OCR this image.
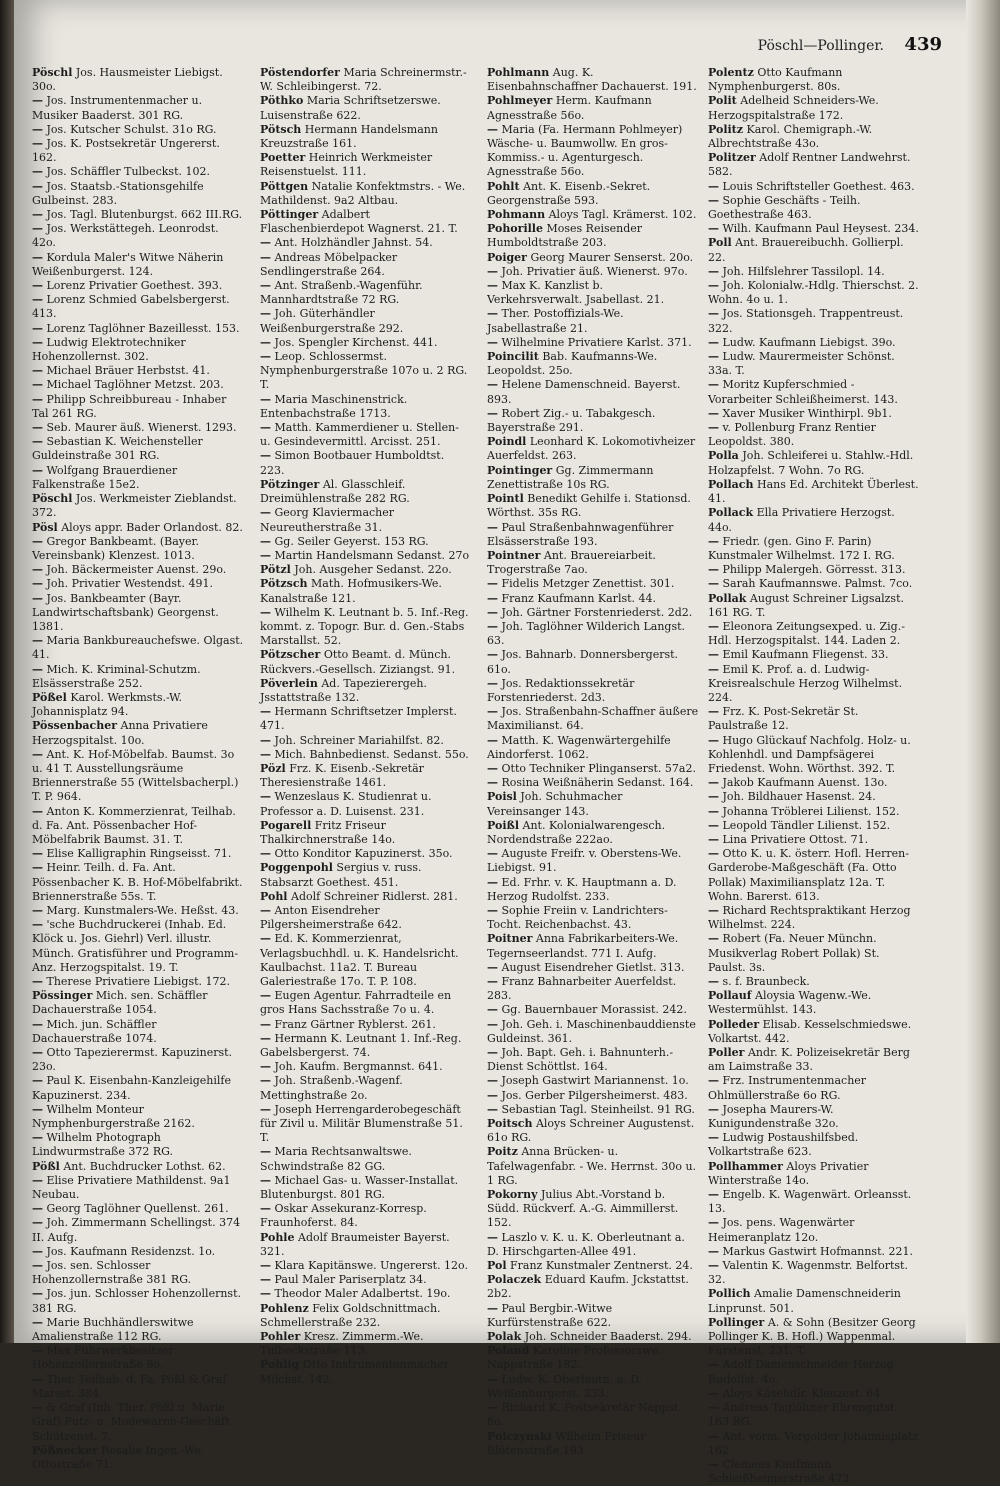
Pöschl—Pollinger. 439

Pöschl Jos. Hausmeister Liebigst. 30o.

— Jos. Instrumentenmacher u. Musiker Baaderst. 301 RG.

— Jos. Kutscher Schulst. 31o RG.

— Jos. K. Postsekretär Ungererst. 162.

— Jos. Schäffler Tulbeckst. 102.

— Jos. Staatsb.-Stationsgehilfe Gulbeinst. 283.

— Jos. Tagl. Blutenburgst. 662 III.RG.

— Jos. Werkstättegeh. Leonrodst. 42o.

— Kordula Maler's Witwe Näherin Weißenburgerst. 124.

— Lorenz Privatier Goethest. 393.

— Lorenz Schmied Gabelsbergerst. 413.

— Lorenz Taglöhner Bazeillesst. 153.

— Ludwig Elektrotechniker Hohenzollernst. 302.

— Michael Bräuer Herbstst. 41.

— Michael Taglöhner Metzst. 203.

— Philipp Schreibbureau - Inhaber Tal 261 RG.

— Seb. Maurer äuß. Wienerst. 1293.

— Sebastian K. Weichensteller Guldeinstraße 301 RG.

— Wolfgang Brauerdiener Falkenstraße 15e2.

Pöschl Jos. Werkmeister Zieblandst. 372.

Pösl Aloys appr. Bader Orlandost. 82.

— Gregor Bankbeamt. (Bayer. Vereinsbank) Klenzest. 1013.

— Joh. Bäckermeister Auenst. 29o.

— Joh. Privatier Westendst. 491.

— Jos. Bankbeamter (Bayr. Landwirtschaftsbank) Georgenst. 1381.

— Maria Bankbureauchefswe. Olgast. 41.

— Mich. K. Kriminal-Schutzm. Elsässerstraße 252.

Pößel Karol. Werkmsts.-W. Johannisplatz 94.

Pössenbacher Anna Privatiere Herzogspitalst. 10o.

— Ant. K. Hof-Möbelfab. Baumst. 3o u. 41 T. Ausstellungsräume Briennerstraße 55 (Wittelsbacherpl.) T. P. 964.

— Anton K. Kommerzienrat, Teilhab. d. Fa. Ant. Pössenbacher Hof-Möbelfabrik Baumst. 31. T.

— Elise Kalligraphin Ringseisst. 71.

— Heinr. Teilh. d. Fa. Ant. Pössenbacher K. B. Hof-Möbelfabrikt. Briennerstraße 55s. T.

— Marg. Kunstmalers-We. Heßst. 43.

— 'sche Buchdruckerei (Inhab. Ed. Klöck u. Jos. Giehrl) Verl. illustr. Münch. Gratisführer und Programm-Anz. Herzogspitalst. 19. T.

— Therese Privatiere Liebigst. 172.

Pössinger Mich. sen. Schäffler Dachauerstraße 1054.

— Mich. jun. Schäffler Dachauerstraße 1074.

— Otto Tapezierermst. Kapuzinerst. 23o.

— Paul K. Eisenbahn-Kanzleigehilfe Kapuzinerst. 234.

— Wilhelm Monteur Nymphenburgerstraße 2162.

— Wilhelm Photograph Lindwurmstraße 372 RG.

Pößl Ant. Buchdrucker Lothst. 62.

— Elise Privatiere Mathildenst. 9a1 Neubau.

— Georg Taglöhner Quellenst. 261.

— Joh. Zimmermann Schellingst. 374 II. Aufg.

— Jos. Kaufmann Residenzst. 1o.

— Jos. sen. Schlosser Hohenzollernstraße 381 RG.

— Jos. jun. Schlosser Hohenzollernst. 381 RG.

— Marie Buchhändlerswitwe Amalienstraße 112 RG.

— Max Fuhrwerkbesitzer Hohenzollernstraße 9o.

— Ther. Teilhab. d. Fa. Pößl & Graf Marsst. 384.

— & Graf (Inh. Ther. Pößl u. Marie Graf) Putz- u. Modewaren-Geschäft Schützenst. 7.

Pößnecker Rosalie Ingen.-We. Ottostraße 71.

Pöstendorfer Maria Schreinermstr.-W. Schleibingerst. 72.

Pöthko Maria Schriftsetzerswe. Luisenstraße 622.

Pötsch Hermann Handelsmann Kreuzstraße 161.

Poetter Heinrich Werkmeister Reisenstuelst. 111.

Pöttgen Natalie Konfektmstrs. - We. Mathildenst. 9a2 Altbau.

Pöttinger Adalbert Flaschenbierdepot Wagnerst. 21. T.

— Ant. Holzhändler Jahnst. 54.

— Andreas Möbelpacker Sendlingerstraße 264.

— Ant. Straßenb.-Wagenführ. Mannhardtstraße 72 RG.

— Joh. Güterhändler Weißenburgerstraße 292.

— Jos. Spengler Kirchenst. 441.

— Leop. Schlossermst. Nymphenburgerstraße 107o u. 2 RG. T.

— Maria Maschinenstrick. Entenbachstraße 1713.

— Matth. Kammerdiener u. Stellen- u. Gesindevermittl. Arcisst. 251.

— Simon Bootbauer Humboldtst. 223.

Pötzinger Al. Glasschleif. Dreimühlenstraße 282 RG.

— Georg Klaviermacher Neureutherstraße 31.

— Gg. Seiler Geyerst. 153 RG.

— Martin Handelsmann Sedanst. 27o

Pötzl Joh. Ausgeher Sedanst. 22o.

Pötzsch Math. Hofmusikers-We. Kanalstraße 121.

— Wilhelm K. Leutnant b. 5. Inf.-Reg. kommt. z. Topogr. Bur. d. Gen.-Stabs Marstallst. 52.

Pötzscher Otto Beamt. d. Münch. Rückvers.-Gesellsch. Ziziangst. 91.

Pöverlein Ad. Tapezierergeh. Jsstattstraße 132.

— Hermann Schriftsetzer Implerst. 471.

— Joh. Schreiner Mariahilfst. 82.

— Mich. Bahnbedienst. Sedanst. 55o.

Pözl Frz. K. Eisenb.-Sekretär Theresienstraße 1461.

— Wenzeslaus K. Studienrat u. Professor a. D. Luisenst. 231.

Pogarell Fritz Friseur Thalkirchnerstraße 14o.

— Otto Konditor Kapuzinerst. 35o.

Poggenpohl Sergius v. russ. Stabsarzt Goethest. 451.

Pohl Adolf Schreiner Ridlerst. 281.

— Anton Eisendreher Pilgersheimerstraße 642.

— Ed. K. Kommerzienrat, Verlagsbuchhdl. u. K. Handelsricht. Kaulbachst. 11a2. T. Bureau Galeriestraße 17o. T. P. 108.

— Eugen Agentur. Fahrradteile en gros Hans Sachsstraße 7o u. 4.

— Franz Gärtner Ryblerst. 261.

— Hermann K. Leutnant 1. Inf.-Reg. Gabelsbergerst. 74.

— Joh. Kaufm. Bergmannst. 641.

— Joh. Straßenb.-Wagenf. Mettinghstraße 2o.

— Joseph Herrengarderobegeschäft für Zivil u. Militär Blumenstraße 51. T.

— Maria Rechtsanwaltswe. Schwindstraße 82 GG.

— Michael Gas- u. Wasser-Installat. Blutenburgst. 801 RG.

— Oskar Assekuranz-Korresp. Fraunhoferst. 84.

Pohle Adolf Braumeister Bayerst. 321.

— Klara Kapitänswe. Ungererst. 12o.

— Paul Maler Pariserplatz 34.

— Theodor Maler Adalbertst. 19o.

Pohlenz Felix Goldschnittmach. Schmellerstraße 232.

Pohler Kresz. Zimmerm.-We. Tulbeckstraße 113.

Pohlig Otto Instrumentenmacher Milchst. 142.

Pohlmann Aug. K. Eisenbahnschaffner Dachauerst. 191.

Pohlmeyer Herm. Kaufmann Agnesstraße 56o.

— Maria (Fa. Hermann Pohlmeyer) Wäsche- u. Baumwollw. En gros-Kommiss.- u. Agenturgesch. Agnesstraße 56o.

Pohlt Ant. K. Eisenb.-Sekret. Georgenstraße 593.

Pohmann Aloys Tagl. Krämerst. 102.

Pohorille Moses Reisender Humboldtstraße 203.

Poiger Georg Maurer Senserst. 20o.

— Joh. Privatier äuß. Wienerst. 97o.

— Max K. Kanzlist b. Verkehrsverwalt. Jsabellast. 21.

— Ther. Postoffizials-We. Jsabellastraße 21.

— Wilhelmine Privatiere Karlst. 371.

Poincilit Bab. Kaufmanns-We. Leopoldst. 25o.

— Helene Damenschneid. Bayerst. 893.

— Robert Zig.- u. Tabakgesch. Bayerstraße 291.

Poindl Leonhard K. Lokomotivheizer Auerfeldst. 263.

Pointinger Gg. Zimmermann Zenettistraße 10s RG.

Pointl Benedikt Gehilfe i. Stationsd. Wörthst. 35s RG.

— Paul Straßenbahnwagenführer Elsässerstraße 193.

Pointner Ant. Brauereiarbeit. Trogerstraße 7ao.

— Fidelis Metzger Zenettist. 301.

— Franz Kaufmann Karlst. 44.

— Joh. Gärtner Forstenriederst. 2d2.

— Joh. Taglöhner Wilderich Langst. 63.

— Jos. Bahnarb. Donnersbergerst. 61o.

— Jos. Redaktionssekretär Forstenriederst. 2d3.

— Jos. Straßenbahn-Schaffner äußere Maximilianst. 64.

— Matth. K. Wagenwärtergehilfe Aindorferst. 1062.

— Otto Techniker Plinganserst. 57a2.

— Rosina Weißnäherin Sedanst. 164.

Poisl Joh. Schuhmacher Vereinsanger 143.

Poißl Ant. Kolonialwarengesch. Nordendstraße 222ao.

— Auguste Freifr. v. Oberstens-We. Liebigst. 91.

— Ed. Frhr. v. K. Hauptmann a. D. Herzog Rudolfst. 233.

— Sophie Freiin v. Landrichters-Tocht. Reichenbachst. 43.

Poitner Anna Fabrikarbeiters-We. Tegernseerlandst. 771 I. Aufg.

— August Eisendreher Gietlst. 313.

— Franz Bahnarbeiter Auerfeldst. 283.

— Gg. Bauernbauer Morassist. 242.

— Joh. Geh. i. Maschinenbauddienste Guldeinst. 361.

— Joh. Bapt. Geh. i. Bahnunterh.-Dienst Schöttlst. 164.

— Joseph Gastwirt Mariannenst. 1o.

— Jos. Gerber Pilgersheimerst. 483.

— Sebastian Tagl. Steinheilst. 91 RG.

Poitsch Aloys Schreiner Augustenst. 61o RG.

Poitz Anna Brücken- u. Tafelwagenfabr. - We. Herrnst. 30o u. 1 RG.

Pokorny Julius Abt.-Vorstand b. Südd. Rückverf. A.-G. Aimmillerst. 152.

— Laszlo v. K. u. K. Oberleutnant a. D. Hirschgarten-Allee 491.

Pol Franz Kunstmaler Zentnerst. 24.

Polaczek Eduard Kaufm. Jckstattst. 2b2.

— Paul Bergbir.-Witwe Kurfürstenstraße 622.

Polak Joh. Schneider Baaderst. 294.

Poland Karoline Professorswe. Nappstraße 182.

— Ludw. K. Oberleutn. a. D. Weißenburgerst. 233.

— Richard K. Postsekretär Nappst. 8o.

Polczynski Wilhelm Friseur Blütenstraße 193.

Polentz Otto Kaufmann Nymphenburgerst. 80s.

Polit Adelheid Schneiders-We. Herzogspitalstraße 172.

Politz Karol. Chemigraph.-W. Albrechtstraße 43o.

Politzer Adolf Rentner Landwehrst. 582.

— Louis Schriftsteller Goethest. 463.

— Sophie Geschäfts - Teilh. Goethestraße 463.

— Wilh. Kaufmann Paul Heysest. 234.

Poll Ant. Brauereibuchh. Gollierpl. 22.

— Joh. Hilfslehrer Tassilopl. 14.

— Joh. Kolonialw.-Hdlg. Thierschst. 2. Wohn. 4o u. 1.

— Jos. Stationsgeh. Trappentreust. 322.

— Ludw. Kaufmann Liebigst. 39o.

— Ludw. Maurermeister Schönst. 33a. T.

— Moritz Kupferschmied - Vorarbeiter Schleißheimerst. 143.

— Xaver Musiker Winthirpl. 9b1.

— v. Pollenburg Franz Rentier Leopoldst. 380.

Polla Joh. Schleiferei u. Stahlw.-Hdl. Holzapfelst. 7 Wohn. 7o RG.

Pollach Hans Ed. Architekt Überlest. 41.

Pollack Ella Privatiere Herzogst. 44o.

— Friedr. (gen. Gino F. Parin) Kunstmaler Wilhelmst. 172 I. RG.

— Philipp Malergeh. Görresst. 313.

— Sarah Kaufmannswe. Palmst. 7co.

Pollak August Schreiner Ligsalzst. 161 RG. T.

— Eleonora Zeitungsexped. u. Zig.-Hdl. Herzogspitalst. 144. Laden 2.

— Emil Kaufmann Fliegenst. 33.

— Emil K. Prof. a. d. Ludwig-Kreisrealschule Herzog Wilhelmst. 224.

— Frz. K. Post-Sekretär St. Paulstraße 12.

— Hugo Glückauf Nachfolg. Holz- u. Kohlenhdl. und Dampfsägerei Friedenst. Wohn. Wörthst. 392. T.

— Jakob Kaufmann Auenst. 13o.

— Joh. Bildhauer Hasenst. 24.

— Johanna Tröblerei Lilienst. 152.

— Leopold Tändler Lilienst. 152.

— Lina Privatiere Ottost. 71.

— Otto K. u. K. österr. Hofl. Herren-Garderobe-Maßgeschäft (Fa. Otto Pollak) Maximiliansplatz 12a. T. Wohn. Barerst. 613.

— Richard Rechtspraktikant Herzog Wilhelmst. 224.

— Robert (Fa. Neuer Münchn. Musikverlag Robert Pollak) St. Paulst. 3s.

— s. f. Braunbeck.

Pollauf Aloysia Wagenw.-We. Westermühlst. 143.

Polleder Elisab. Kesselschmiedswe. Volkartst. 442.

Poller Andr. K. Polizeisekretär Berg am Laimstraße 33.

— Frz. Instrumentenmacher Ohlmüllerstraße 6o RG.

— Josepha Maurers-W. Kunigundenstraße 32o.

— Ludwig Postaushilfsbed. Volkartstraße 623.

Pollhammer Aloys Privatier Winterstraße 14o.

— Engelb. K. Wagenwärt. Orleansst. 13.

— Jos. pens. Wagenwärter Heimeranplatz 12o.

— Markus Gastwirt Hofmannst. 221.

— Valentin K. Wagenmstr. Belfortst. 32.

Pollich Amalie Damenschneiderin Linprunst. 501.

Pollinger A. & Sohn (Besitzer Georg Pollinger K. B. Hofl.) Wappenmal. Fürstenst. 231. T.

— Adolf Damenschneider Herzog Rudolfst. 4o.

— Aloys Käsehdlr. Klenzest. 64.

— Andreas Taglöhner Ehrengutst. 163 RG.

— Ant. vorm. Vergolder Johannisplatz 162.

— Clemens Kaufmann Schleißheimerstraße 473.
